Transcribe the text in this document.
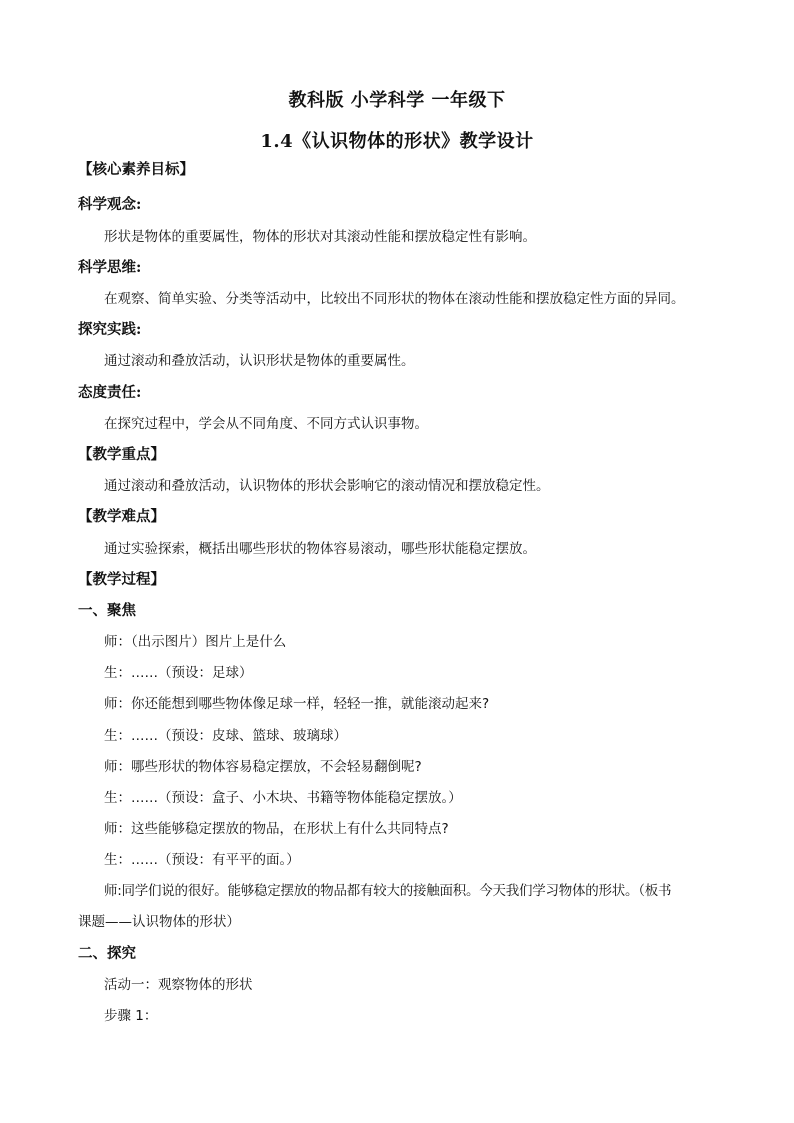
教科版 小学科学 一年级下
1.4《认识物体的形状》教学设计
【核心素养目标】
科学观念:
形状是物体的重要属性，物体的形状对其滚动性能和摆放稳定性有影响。
科学思维:
在观察、简单实验、分类等活动中，比较出不同形状的物体在滚动性能和摆放稳定性方面的异同。
探究实践:
通过滚动和叠放活动，认识形状是物体的重要属性。
态度责任:
在探究过程中，学会从不同角度、不同方式认识事物。
【教学重点】
通过滚动和叠放活动，认识物体的形状会影响它的滚动情况和摆放稳定性。
【教学难点】
通过实验探索，概括出哪些形状的物体容易滚动，哪些形状能稳定摆放。
【教学过程】
一、聚焦
师：（出示图片）图片上是什么
生：……（预设：足球）
师：你还能想到哪些物体像足球一样，轻轻一推，就能滚动起来?
生：……（预设：皮球、篮球、玻璃球）
师：哪些形状的物体容易稳定摆放，不会轻易翻倒呢?
生：……（预设：盒子、小木块、书籍等物体能稳定摆放。）
师：这些能够稳定摆放的物品，在形状上有什么共同特点?
生：……（预设：有平平的面。）
师:同学们说的很好。能够稳定摆放的物品都有较大的接触面积。今天我们学习物体的形状。（板书
课题——认识物体的形状）
二、探究
活动一：观察物体的形状
步骤 1：
